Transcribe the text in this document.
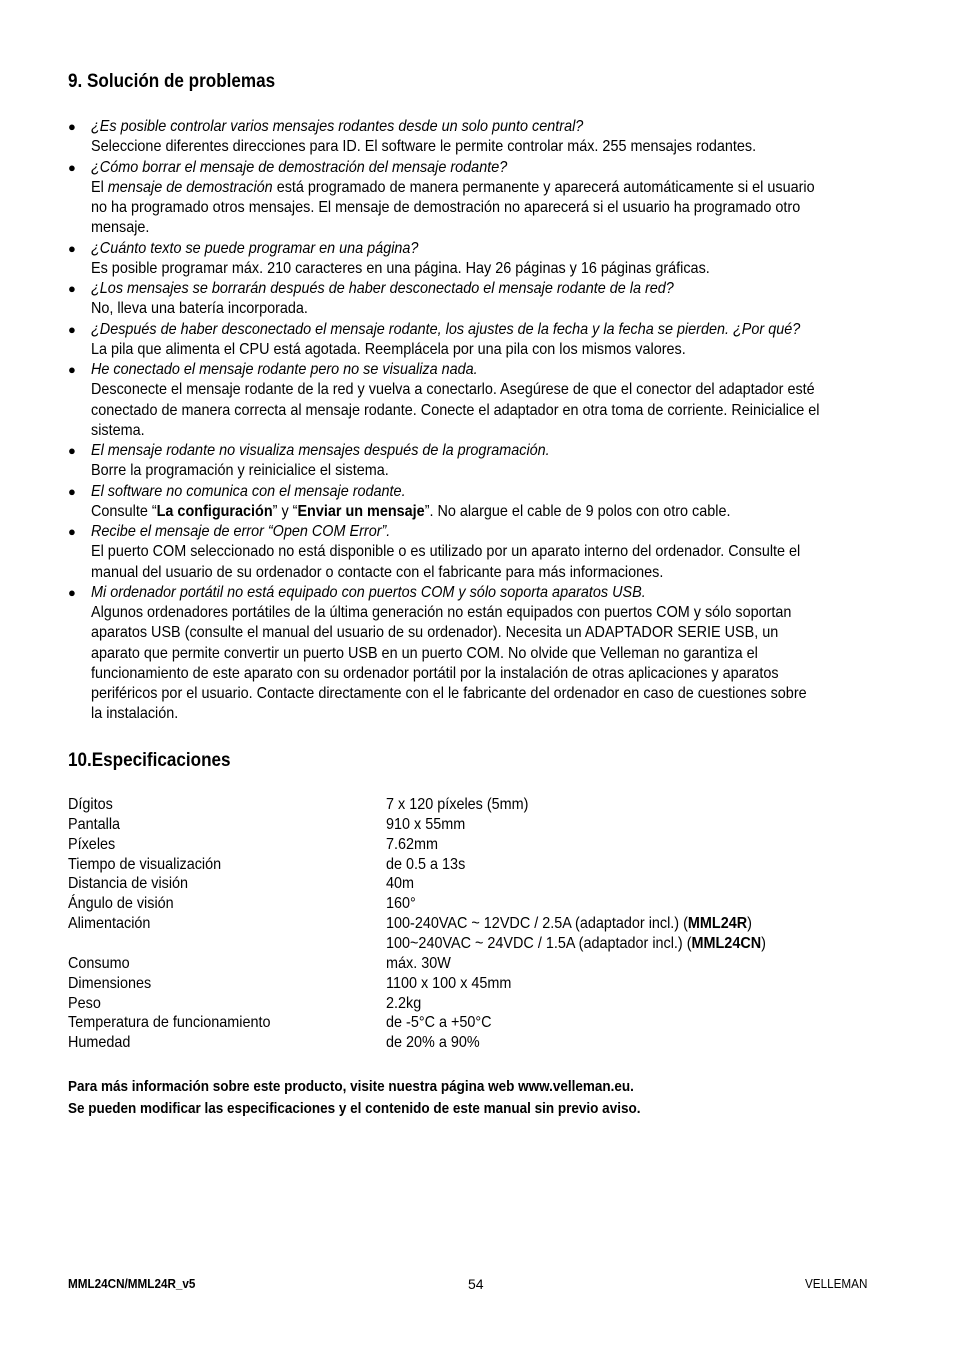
9. Solución de problemas
● ¿Es posible controlar varios mensajes rodantes desde un solo punto central?
Seleccione diferentes direcciones para ID. El software le permite controlar máx. 255 mensajes rodantes.
● ¿Cómo borrar el mensaje de demostración del mensaje rodante?
El mensaje de demostración está programado de manera permanente y aparecerá automáticamente si el usuario
no ha programado otros mensajes. El mensaje de demostración no aparecerá si el usuario ha programado otro
mensaje.
● ¿Cuánto texto se puede programar en una página?
Es posible programar máx. 210 caracteres en una página. Hay 26 páginas y 16 páginas gráficas.
● ¿Los mensajes se borrarán después de haber desconectado el mensaje rodante de la red?
No, lleva una batería incorporada.
● ¿Después de haber desconectado el mensaje rodante, los ajustes de la fecha y la fecha se pierden. ¿Por qué?
La pila que alimenta el CPU está agotada. Reemplácela por una pila con los mismos valores.
● He conectado el mensaje rodante pero no se visualiza nada.
Desconecte el mensaje rodante de la red y vuelva a conectarlo. Asegúrese de que el conector del adaptador esté
conectado de manera correcta al mensaje rodante. Conecte el adaptador en otra toma de corriente. Reinicialice el
sistema.
● El mensaje rodante no visualiza mensajes después de la programación.
Borre la programación y reinicialice el sistema.
● El software no comunica con el mensaje rodante.
Consulte “La configuración” y “Enviar un mensaje”. No alargue el cable de 9 polos con otro cable.
● Recibe el mensaje de error “Open COM Error”.
El puerto COM seleccionado no está disponible o es utilizado por un aparato interno del ordenador. Consulte el
manual del usuario de su ordenador o contacte con el fabricante para más informaciones.
● Mi ordenador portátil no está equipado con puertos COM y sólo soporta aparatos USB.
Algunos ordenadores portátiles de la última generación no están equipados con puertos COM y sólo soportan
aparatos USB (consulte el manual del usuario de su ordenador). Necesita un ADAPTADOR SERIE USB, un
aparato que permite convertir un puerto USB en un puerto COM. No olvide que Velleman no garantiza el
funcionamiento de este aparato con su ordenador portátil por la instalación de otras aplicaciones y aparatos
periféricos por el usuario. Contacte directamente con el le fabricante del ordenador en caso de cuestiones sobre
la instalación.
10.Especificaciones
Dígitos	7 x 120 píxeles (5mm)
Pantalla	910 x 55mm
Píxeles	7.62mm
Tiempo de visualización	de 0.5 a 13s
Distancia de visión	40m
Ángulo de visión	160°
Alimentación	100-240VAC ~ 12VDC / 2.5A (adaptador incl.) (MML24R)
100~240VAC ~ 24VDC / 1.5A (adaptador incl.) (MML24CN)
Consumo	máx. 30W
Dimensiones	1100 x 100 x 45mm
Peso	2.2kg
Temperatura de funcionamiento	de -5°C a +50°C
Humedad	de 20% a 90%
Para más información sobre este producto, visite nuestra página web www.velleman.eu.
Se pueden modificar las especificaciones y el contenido de este manual sin previo aviso.
MML24CN/MML24R_v5	54	VELLEMAN
